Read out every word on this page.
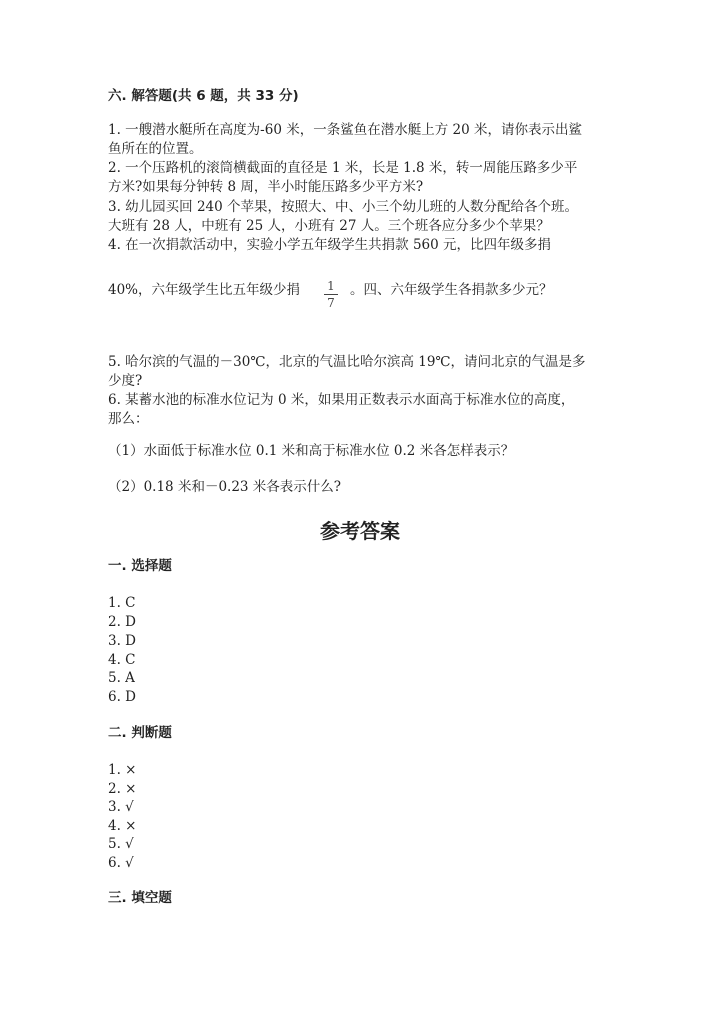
六. 解答题(共 6 题，共 33 分)
1. 一艘潜水艇所在高度为-60 米，一条鲨鱼在潜水艇上方 20 米，请你表示出鲨
鱼所在的位置。
2. 一个压路机的滚筒横截面的直径是 1 米，长是 1.8 米，转一周能压路多少平
方米?如果每分钟转 8 周，半小时能压路多少平方米?
3. 幼儿园买回 240 个苹果，按照大、中、小三个幼儿班的人数分配给各个班。
大班有 28 人，中班有 25 人，小班有 27 人。三个班各应分多少个苹果？
4. 在一次捐款活动中，实验小学五年级学生共捐款 560 元，比四年级多捐
40%，六年级学生比五年级少捐 $\frac{1}{7}$ 。四、六年级学生各捐款多少元？
5. 哈尔滨的气温的－30℃，北京的气温比哈尔滨高 19℃，请问北京的气温是多
少度?
6. 某蓄水池的标准水位记为 0 米，如果用正数表示水面高于标准水位的高度，
那么：
（1）水面低于标准水位 0.1 米和高于标准水位 0.2 米各怎样表示？
（2）0.18 米和－0.23 米各表示什么?
参考答案
一. 选择题
1. C
2. D
3. D
4. C
5. A
6. D
二. 判断题
1. ×
2. ×
3. √
4. ×
5. √
6. √
三. 填空题
